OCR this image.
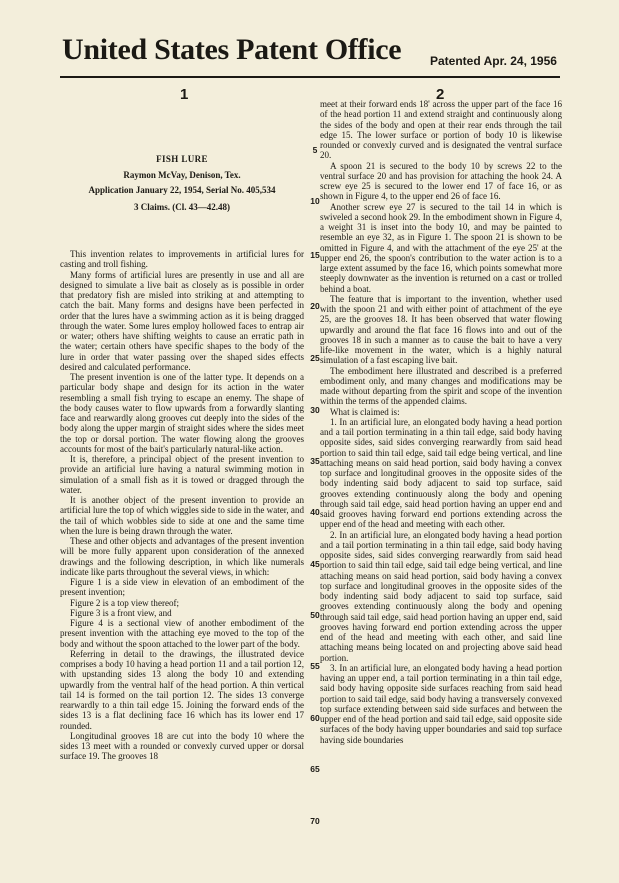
United States Patent Office Patented Apr. 24, 1956
1	2
FISH LURE
Raymon McVay, Denison, Tex.
Application January 22, 1954, Serial No. 405,534
3 Claims. (Cl. 43—42.48)

This invention relates to improvements in artificial lures for casting and troll fishing.

Many forms of artificial lures are presently in use and all are designed to simulate a live bait as closely as is possible in order that predatory fish are misled into striking at and attempting to catch the bait. Many forms and designs have been perfected in order that the lures have a swimming action as it is being dragged through the water. Some lures employ hollowed faces to entrap air or water; others have shifting weights to cause an erratic path in the water; certain others have specific shapes to the body of the lure in order that water passing over the shaped sides effects desired and calculated performance.

The present invention is one of the latter type. It depends on a particular body shape and design for its action in the water resembling a small fish trying to escape an enemy. The shape of the body causes water to flow upwards from a forwardly slanting face and rearwardly along grooves cut deeply into the sides of the body along the upper margin of straight sides where the sides meet the top or dorsal portion. The water flowing along the grooves accounts for most of the bait's particularly natural-like action.

It is, therefore, a principal object of the present invention to provide an artificial lure having a natural swimming motion in simulation of a small fish as it is towed or dragged through the water.

It is another object of the present invention to provide an artificial lure the top of which wiggles side to side in the water, and the tail of which wobbles side to side at one and the same time when the lure is being drawn through the water.

These and other objects and advantages of the present invention will be more fully apparent upon consideration of the annexed drawings and the following description, in which like numerals indicate like parts throughout the several views, in which:

Figure 1 is a side view in elevation of an embodiment of the present invention;

Figure 2 is a top view thereof;

Figure 3 is a front view, and

Figure 4 is a sectional view of another embodiment of the present invention with the attaching eye moved to the top of the body and without the spoon attached to the lower part of the body.

Referring in detail to the drawings, the illustrated device comprises a body 10 having a head portion 11 and a tail portion 12, with upstanding sides 13 along the body 10 and extending upwardly from the ventral half of the head portion. A thin vertical tail 14 is formed on the tail portion 12. The sides 13 converge rearwardly to a thin tail edge 15. Joining the forward ends of the sides 13 is a flat declining face 16 which has its lower end 17 rounded.

Longitudinal grooves 18 are cut into the body 10 where the sides 13 meet with a rounded or convexly curved upper or dorsal surface 19. The grooves 18

meet at their forward ends 18' across the upper part of the face 16 of the head portion 11 and extend straight and continuously along the sides of the body and open at their rear ends through the tail edge 15. The lower surface or portion of body 10 is likewise rounded or convexly curved and is designated the ventral surface 20.

A spoon 21 is secured to the body 10 by screws 22 to the ventral surface 20 and has provision for attaching the hook 24. A screw eye 25 is secured to the lower end 17 of face 16, or as shown in Figure 4, to the upper end 26 of face 16.

Another screw eye 27 is secured to the tail 14 in which is swiveled a second hook 29. In the embodiment shown in Figure 4, a weight 31 is inset into the body 10, and may be painted to resemble an eye 32, as in Figure 1. The spoon 21 is shown to be omitted in Figure 4, and with the attachment of the eye 25' at the upper end 26, the spoon's contribution to the water action is to a large extent assumed by the face 16, which points somewhat more steeply downwater as the invention is returned on a cast or trolled behind a boat.

The feature that is important to the invention, whether used with the spoon 21 and with either point of attachment of the eye 25, are the grooves 18. It has been observed that water flowing upwardly and around the flat face 16 flows into and out of the grooves 18 in such a manner as to cause the bait to have a very life-like movement in the water, which is a highly natural simulation of a fast escaping live bait.

The embodiment here illustrated and described is a preferred embodiment only, and many changes and modifications may be made without departing from the spirit and scope of the invention within the terms of the appended claims.

What is claimed is:

1. In an artificial lure, an elongated body having a head portion and a tail portion terminating in a thin tail edge, said body having opposite sides, said sides converging rearwardly from said head portion to said thin tail edge, said tail edge being vertical, and line attaching means on said head portion, said body having a convex top surface and longitudinal grooves in the opposite sides of the body indenting said body adjacent to said top surface, said grooves extending continuously along the body and opening through said tail edge, said head portion having an upper end and said grooves having forward end portions extending across the upper end of the head and meeting with each other.

2. In an artificial lure, an elongated body having a head portion and a tail portion terminating in a thin tail edge, said body having opposite sides, said sides converging rearwardly from said head portion to said thin tail edge, said tail edge being vertical, and line attaching means on said head portion, said body having a convex top surface and longitudinal grooves in the opposite sides of the body indenting said body adjacent to said top surface, said grooves extending continuously along the body and opening through said tail edge, said head portion having an upper end, said grooves having forward end portion extending across the upper end of the head and meeting with each other, and said line attaching means being located on and projecting above said head portion.

3. In an artificial lure, an elongated body having a head portion having an upper end, a tail portion terminating in a thin tail edge, said body having opposite side surfaces reaching from said head portion to said tail edge, said body having a transversely convexed top surface extending between said side surfaces and between the upper end of the head portion and said tail edge, said opposite side surfaces of the body having upper boundaries and said top surface having side boundaries

5
10
15
20
25
30
35
40
45
50
55
60
65
70
